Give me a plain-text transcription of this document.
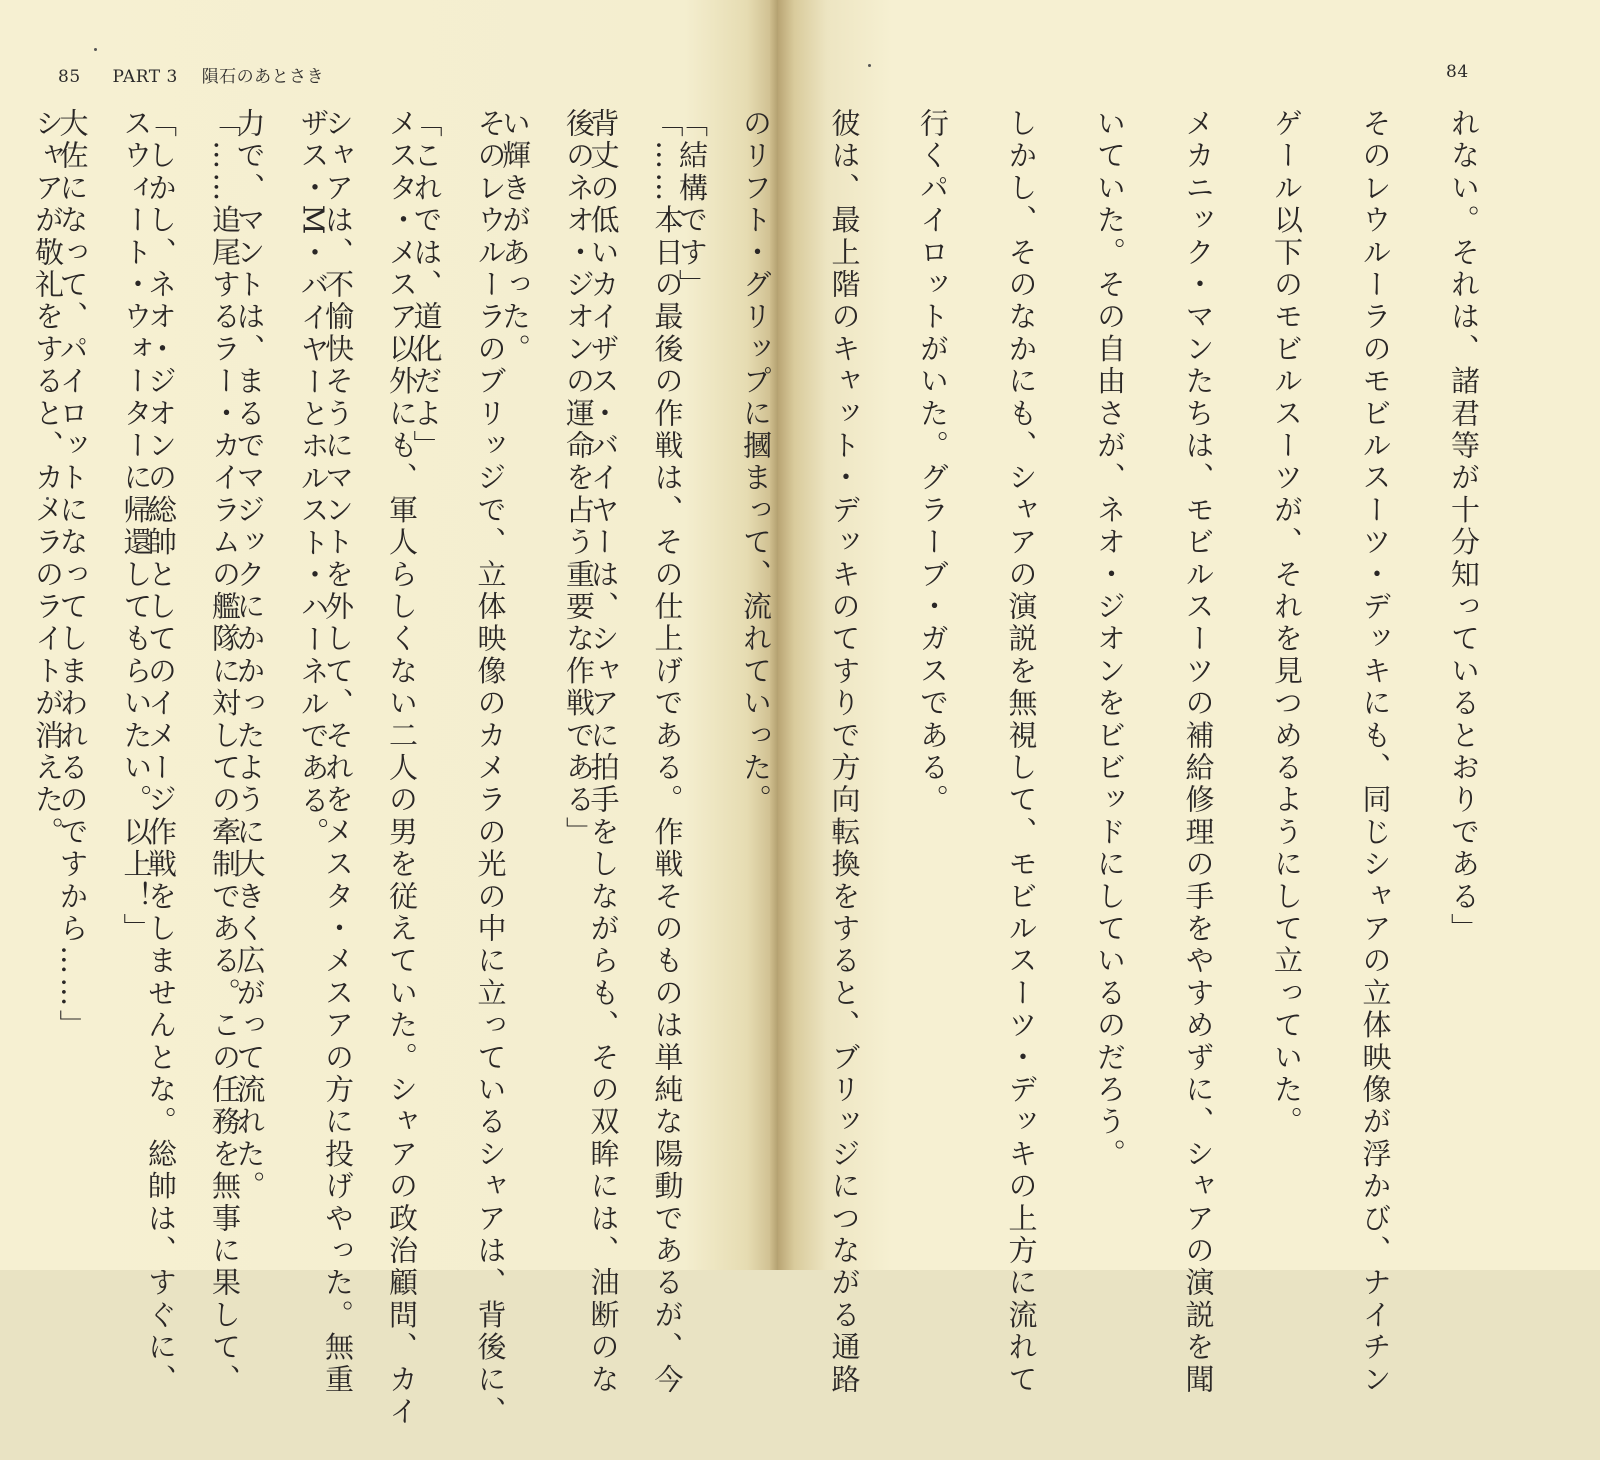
85 PART 3 隕石のあとさき
「結構です」
背丈の低いカイザス・バイヤーは、シャアに拍手をしながらも、その双眸には、油断のな
い輝きがあった。
「これでは、道化だよ」
シャアは、不愉快そうにマントを外して、それをメスタ・メスアの方に投げやった。無重
力で、マントは、まるでマジックにかかったように大きく広がって流れた。
「しかし、ネオ・ジオンの総帥としてのイメージ作戦をしませんとな。総帥は、すぐに、
大佐になって、パイロットになってしまわれるのですから……」
84
れない。それは、諸君等が十分知っているとおりである」
そのレウルーラのモビルスーツ・デッキにも、同じシャアの立体映像が浮かび、ナイチン
ゲール以下のモビルスーツが、それを見つめるようにして立っていた。
メカニック・マンたちは、モビルスーツの補給修理の手をやすめずに、シャアの演説を聞
いていた。その自由さが、ネオ・ジオンをビビッドにしているのだろう。
しかし、そのなかにも、シャアの演説を無視して、モビルスーツ・デッキの上方に流れて
行くパイロットがいた。グラーブ・ガスである。
彼は、最上階のキャット・デッキのてすりで方向転換をすると、ブリッジにつながる通路
のリフト・グリップに摑まって、流れていった。
「……本日の最後の作戦は、その仕上げである。作戦そのものは単純な陽動であるが、今
後のネオ・ジオンの運命を占う重要な作戦である」
そのレウルーラのブリッジで、立体映像のカメラの光の中に立っているシャアは、背後に、
メスタ・メスア以外にも、軍人らしくない二人の男を従えていた。シャアの政治顧問、カイ
ザス・M・バイヤーとホルスト・ハーネルである。
「……追尾するラー・カイラムの艦隊に対しての牽制である。この任務を無事に果して、
スウィート・ウォーターに帰還してもらいたい。以上！」
シャアが敬礼をすると、カメラのライトが消えた。
